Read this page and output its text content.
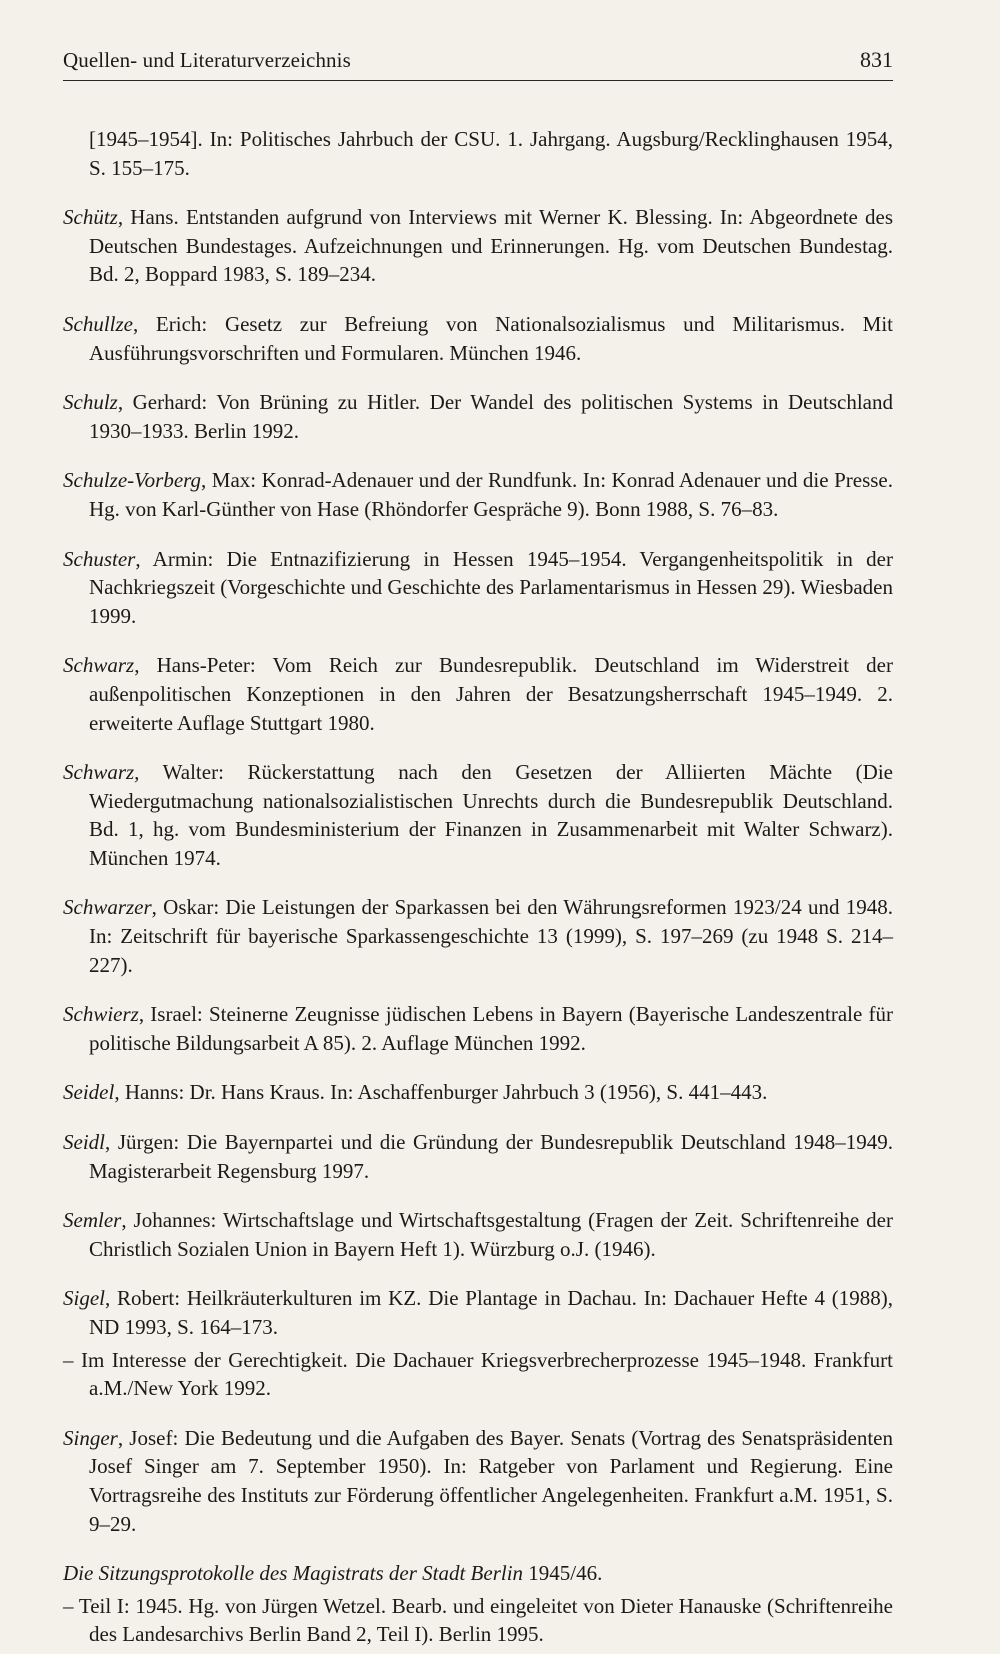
Quellen- und Literaturverzeichnis	831

[1945–1954]. In: Politisches Jahrbuch der CSU. 1. Jahrgang. Augsburg/Recklinghausen 1954, S. 155–175.

Schütz, Hans. Entstanden aufgrund von Interviews mit Werner K. Blessing. In: Abgeordnete des Deutschen Bundestages. Aufzeichnungen und Erinnerungen. Hg. vom Deutschen Bundestag. Bd. 2, Boppard 1983, S. 189–234.

Schullze, Erich: Gesetz zur Befreiung von Nationalsozialismus und Militarismus. Mit Ausführungsvorschriften und Formularen. München 1946.

Schulz, Gerhard: Von Brüning zu Hitler. Der Wandel des politischen Systems in Deutschland 1930–1933. Berlin 1992.

Schulze-Vorberg, Max: Konrad-Adenauer und der Rundfunk. In: Konrad Adenauer und die Presse. Hg. von Karl-Günther von Hase (Rhöndorfer Gespräche 9). Bonn 1988, S. 76–83.

Schuster, Armin: Die Entnazifizierung in Hessen 1945–1954. Vergangenheitspolitik in der Nachkriegszeit (Vorgeschichte und Geschichte des Parlamentarismus in Hessen 29). Wiesbaden 1999.

Schwarz, Hans-Peter: Vom Reich zur Bundesrepublik. Deutschland im Widerstreit der außenpolitischen Konzeptionen in den Jahren der Besatzungsherrschaft 1945–1949. 2. erweiterte Auflage Stuttgart 1980.

Schwarz, Walter: Rückerstattung nach den Gesetzen der Alliierten Mächte (Die Wiedergutmachung nationalsozialistischen Unrechts durch die Bundesrepublik Deutschland. Bd. 1, hg. vom Bundesministerium der Finanzen in Zusammenarbeit mit Walter Schwarz). München 1974.

Schwarzer, Oskar: Die Leistungen der Sparkassen bei den Währungsreformen 1923/24 und 1948. In: Zeitschrift für bayerische Sparkassengeschichte 13 (1999), S. 197–269 (zu 1948 S. 214–227).

Schwierz, Israel: Steinerne Zeugnisse jüdischen Lebens in Bayern (Bayerische Landeszentrale für politische Bildungsarbeit A 85). 2. Auflage München 1992.

Seidel, Hanns: Dr. Hans Kraus. In: Aschaffenburger Jahrbuch 3 (1956), S. 441–443.

Seidl, Jürgen: Die Bayernpartei und die Gründung der Bundesrepublik Deutschland 1948–1949. Magisterarbeit Regensburg 1997.

Semler, Johannes: Wirtschaftslage und Wirtschaftsgestaltung (Fragen der Zeit. Schriftenreihe der Christlich Sozialen Union in Bayern Heft 1). Würzburg o.J. (1946).

Sigel, Robert: Heilkräuterkulturen im KZ. Die Plantage in Dachau. In: Dachauer Hefte 4 (1988), ND 1993, S. 164–173.

– Im Interesse der Gerechtigkeit. Die Dachauer Kriegsverbrecherprozesse 1945–1948. Frankfurt a.M./New York 1992.

Singer, Josef: Die Bedeutung und die Aufgaben des Bayer. Senats (Vortrag des Senatspräsidenten Josef Singer am 7. September 1950). In: Ratgeber von Parlament und Regierung. Eine Vortragsreihe des Instituts zur Förderung öffentlicher Angelegenheiten. Frankfurt a.M. 1951, S. 9–29.

Die Sitzungsprotokolle des Magistrats der Stadt Berlin 1945/46.

– Teil I: 1945. Hg. von Jürgen Wetzel. Bearb. und eingeleitet von Dieter Hanauske (Schriftenreihe des Landesarchivs Berlin Band 2, Teil I). Berlin 1995.
